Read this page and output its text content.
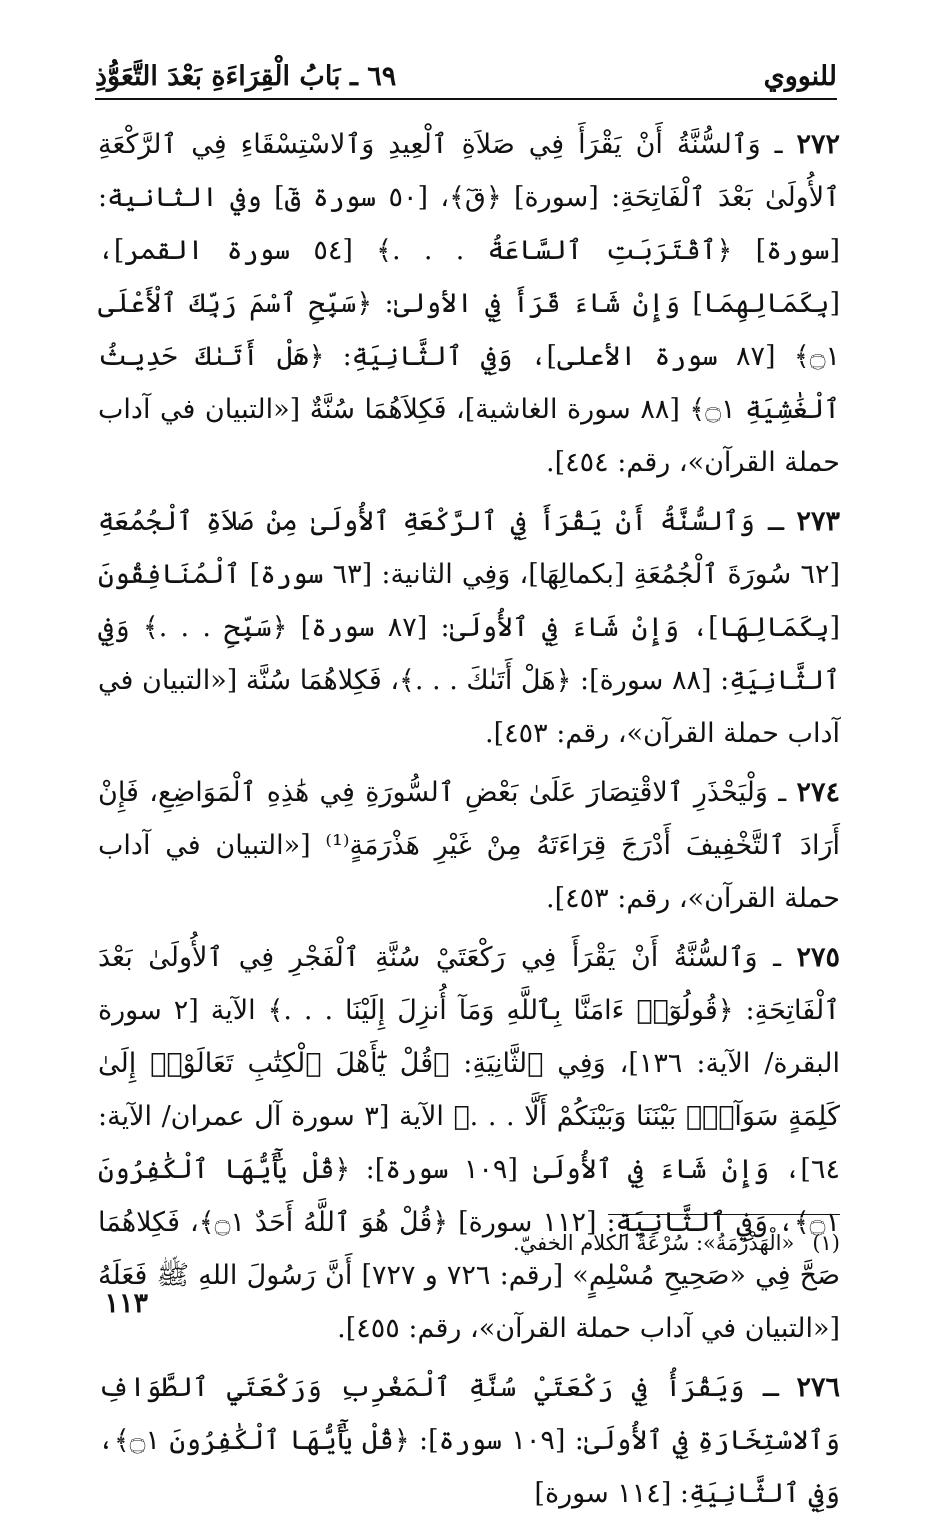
للنووي
٦٩ ـ بَابُ الْقِرَاءَةِ بَعْدَ التَّعَوُّذِ

٢٧٢ ـ وَٱلسُّنَّةُ أَنْ يَقْرَأَ فِي صَلاَةِ ٱلْعِيدِ وَٱلاسْتِسْقَاءِ فِي ٱلرَّكْعَةِ ٱلأُولَىٰ بَعْدَ ٱلْفَاتِحَةِ: [سورة] ﴿قٓ﴾، [٥٠ سورة قٓ] وفي الثانية: [سورة] ﴿ٱقْتَرَبَتِ ٱلسَّاعَةُ . . .﴾ [٥٤ سورة القمر]، [بِكَمَالِهِمَا] وَإِنْ شَاءَ قَرَأَ فِي الأولىٰ: ﴿سَبِّحِ ٱسْمَ رَبِّكَ ٱلْأَعْلَى ۝١﴾ [٨٧ سورة الأعلى]، وَفِي ٱلثَّانِيَةِ: ﴿هَلْ أَتَىٰكَ حَدِيثُ ٱلْغَٰشِيَةِ ۝١﴾ [٨٨ سورة الغاشية]، فَكِلاَهُمَا سُنَّةٌ [«التبيان في آداب حملة القرآن»، رقم: ٤٥٤].

٢٧٣ ـ وَٱلسُّنَّةُ أَنْ يَقْرَأَ فِي ٱلرَّكْعَةِ ٱلأُولَىٰ مِنْ صَلاَةِ ٱلْجُمُعَةِ [٦٢ سُورَةَ ٱلْجُمُعَةِ [بكمالِهَا]، وَفِي الثانية: [٦٣ سورة] ٱلْمُنَافِقُونَ [بِكَمَالِهَا]، وَإِنْ شَاءَ فِي ٱلأُولَىٰ: [٨٧ سورة] ﴿سَبِّحِ . . .﴾ وَفِي ٱلثَّانِيَةِ: [٨٨ سورة]: ﴿هَلْ أَتَىٰكَ . . .﴾، فَكِلاهُمَا سُنَّة [«التبيان في آداب حملة القرآن»، رقم: ٤٥٣].

٢٧٤ ـ وَلْيَحْذَرِ ٱلاقْتِصَارَ عَلَىٰ بَعْضِ ٱلسُّورَةِ فِي هَٰذِهِ ٱلْمَوَاضِعِ، فَإِنْ أَرَادَ ٱلتَّخْفِيفَ أَدْرَجَ قِرَاءَتَهُ مِنْ غَيْرِ هَذْرَمَةٍ⁽¹⁾ [«التبيان في آداب حملة القرآن»، رقم: ٤٥٣].

٢٧٥ ـ وَٱلسُّنَّةُ أَنْ يَقْرَأَ فِي رَكْعَتَيْ سُنَّةِ ٱلْفَجْرِ فِي ٱلأُولَىٰ بَعْدَ ٱلْفَاتِحَةِ: ﴿قُولُوٓا۟ ءَامَنَّا بِٱللَّهِ وَمَآ أُنزِلَ إِلَيْنَا . . .﴾ الآية [٢ سورة البقرة/ الآية: ١٣٦]، وَفِي ٱلثَّانِيَةِ: ﴿قُلْ يَٰٓأَهْلَ ٱلْكِتَٰبِ تَعَالَوْا۟ إِلَىٰ كَلِمَةٍ سَوَآءٍۭ بَيْنَنَا وَبَيْنَكُمْ أَلَّا . . .﴾ الآية [٣ سورة آل عمران/ الآية: ٦٤]، وَإِنْ شَاءَ فِي ٱلأُولَىٰ [١٠٩ سورة]: ﴿قُلْ يَٰٓأَيُّهَا ٱلْكَٰفِرُونَ ۝١﴾، وَفِي ٱلثَّانِيَةِ: [١١٢ سورة] ﴿قُلْ هُوَ ٱللَّهُ أَحَدٌ ۝١﴾، فَكِلاهُمَا صَحَّ فِي «صَحِيحِ مُسْلِمٍ» [رقم: ٧٢٦ و ٧٢٧] أَنَّ رَسُولَ اللهِ ﷺ فَعَلَهُ [«التبيان في آداب حملة القرآن»، رقم: ٤٥٥].

٢٧٦ ـ وَيَقْرَأُ فِي رَكْعَتَيْ سُنَّةِ ٱلْمَغْرِبِ وَرَكْعَتَيِ ٱلطَّوَافِ وَٱلاسْتِخَارَةِ فِي ٱلأُولَىٰ: [١٠٩ سورة]: ﴿قُلْ يَٰٓأَيُّهَا ٱلْكَٰفِرُونَ ۝١﴾، وَفِي ٱلثَّانِيَةِ: [١١٤ سورة]

(١)«الْهَذْرَمَةُ»: سُرْعَةُ الكلام الخفيّ.
١١٣
